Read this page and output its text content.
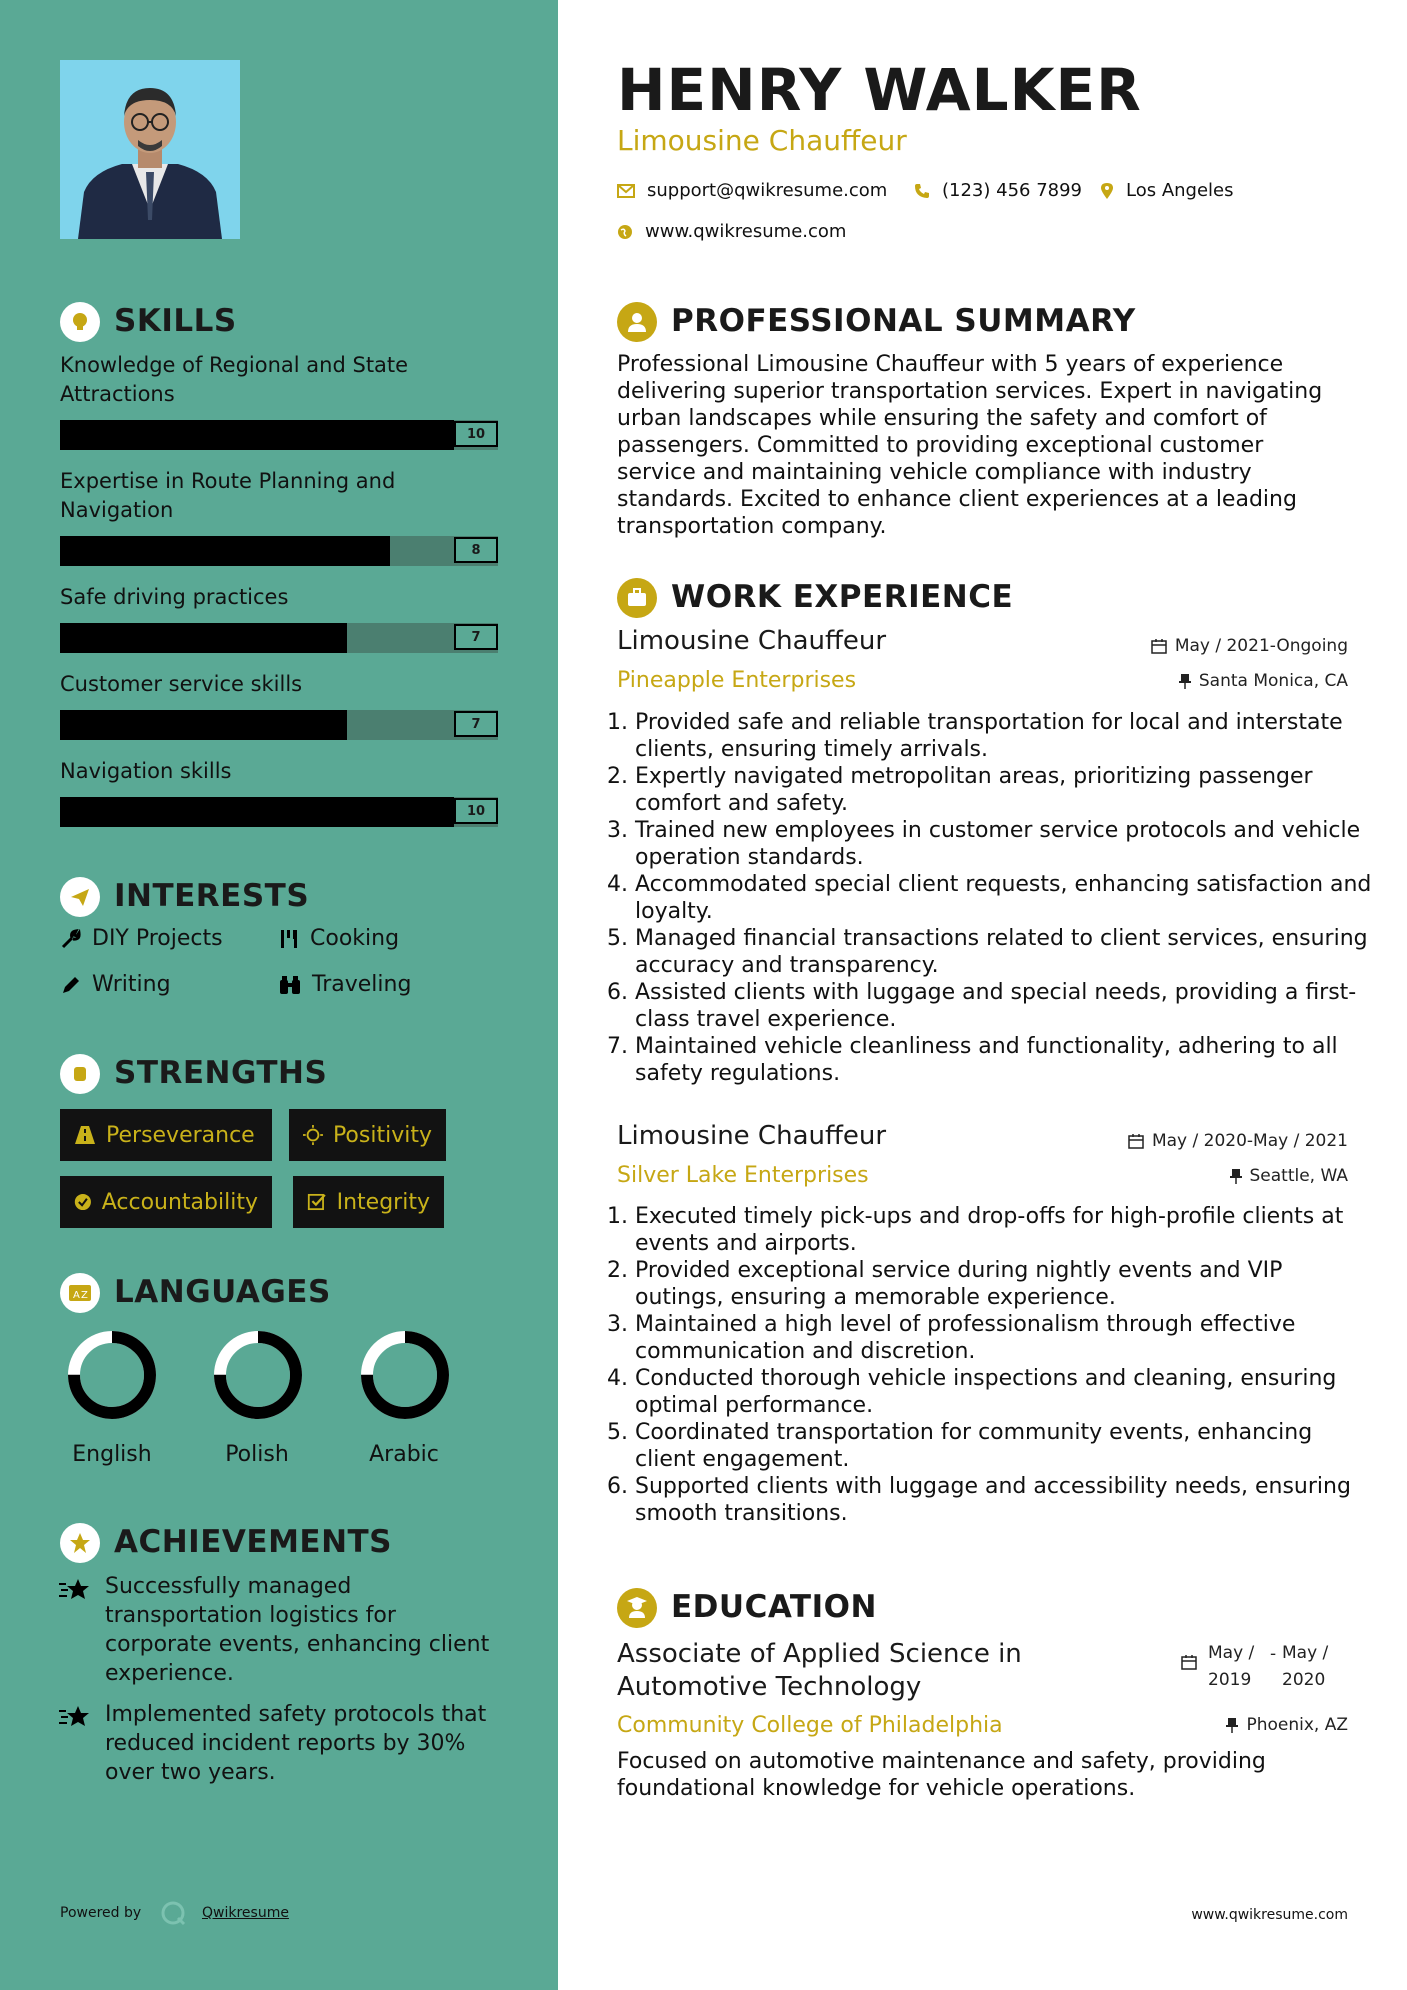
SKILLS
Knowledge of Regional and State Attractions
10
Expertise in Route Planning and Navigation
8
Safe driving practices
7
Customer service skills
7
Navigation skills
10
INTERESTS
DIY Projects	Cooking
Writing	Traveling
STRENGTHS
Perseverance	Positivity
Accountability	Integrity
A Z LANGUAGES
English	Polish	Arabic
ACHIEVEMENTS
Successfully managed transportation logistics for corporate events, enhancing client experience.
Implemented safety protocols that reduced incident reports by 30% over two years.
Powered by	Qwikresume
HENRY WALKER
Limousine Chauffeur
support@qwikresume.com	(123) 456 7899 Los Angeles
www.qwikresume.com
PROFESSIONAL SUMMARY
Professional Limousine Chauffeur with 5 years of experience delivering superior transportation services. Expert in navigating urban landscapes while ensuring the safety and comfort of passengers. Committed to providing exceptional customer service and maintaining vehicle compliance with industry standards. Excited to enhance client experiences at a leading transportation company.
WORK EXPERIENCE
Limousine Chauffeur	May / 2021-Ongoing
Pineapple Enterprises	Santa Monica, CA
1. Provided safe and reliable transportation for local and interstate clients, ensuring timely arrivals.
2. Expertly navigated metropolitan areas, prioritizing passenger comfort and safety.
3. Trained new employees in customer service protocols and vehicle operation standards.
4. Accommodated special client requests, enhancing satisfaction and loyalty.
5. Managed financial transactions related to client services, ensuring accuracy and transparency.
6. Assisted clients with luggage and special needs, providing a first-class travel experience.
7. Maintained vehicle cleanliness and functionality, adhering to all safety regulations.
Limousine Chauffeur	May / 2020-May / 2021
Silver Lake Enterprises	Seattle, WA
1. Executed timely pick-ups and drop-offs for high-profile clients at events and airports.
2. Provided exceptional service during nightly events and VIP outings, ensuring a memorable experience.
3. Maintained a high level of professionalism through effective communication and discretion.
4. Conducted thorough vehicle inspections and cleaning, ensuring optimal performance.
5. Coordinated transportation for community events, enhancing client engagement.
6. Supported clients with luggage and accessibility needs, ensuring smooth transitions.
EDUCATION
Associate of Applied Science in Automotive Technology
May / 2019
- May / 2020
Community College of Philadelphia	Phoenix, AZ
Focused on automotive maintenance and safety, providing foundational knowledge for vehicle operations.
www.qwikresume.com
